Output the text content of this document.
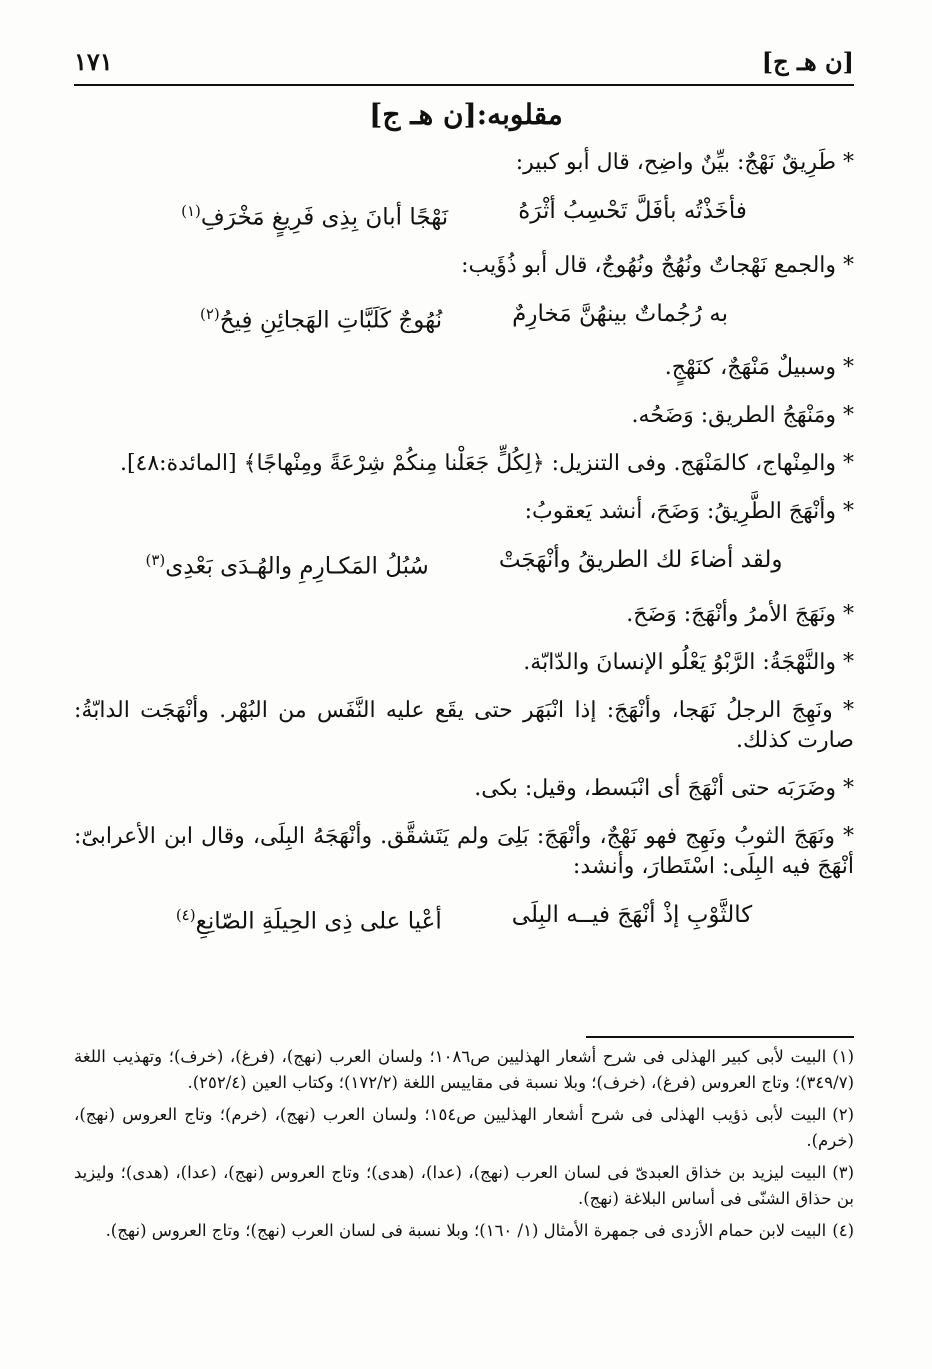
[ن هـ ج]
١٧١
مقلوبه:[ن هـ ج]

* طَرِيقٌ نَهْجٌ: بيِّنٌ واضِح، قال أبو كبير:

فأخَذْتُه بأفَلَّ تَحْسِبُ أثْرَهُ
نَهْجًا أبانَ بِذِى فَرِيغٍ مَخْرَفِ$^{(١)}$

* والجمع نَهْجاتٌ ونُهُجٌ ونُهُوجٌ، قال أبو ذُؤَيب:

به رُجُماتٌ بينهُنَّ مَخارِمٌ
نُهُوجٌ كَلَبَّاتِ الهَجائِنِ فِيحُ$^{(٢)}$

* وسبيلٌ مَنْهَجٌ، كنَهْجٍ.

* ومَنْهَجُ الطريق: وَضَحُه.

* والمِنْهاج، كالمَنْهَج. وفى التنزيل: ﴿لِكُلٍّ جَعَلْنا مِنكُمْ شِرْعَةً ومِنْهاجًا﴾ [المائدة:٤٨].

* وأنْهَجَ الطَّرِيقُ: وَضَحَ، أنشد يَعقوبُ:

ولقد أضاءَ لك الطريقُ وأنْهَجَتْ
سُبُلُ المَكـارِمِ والهُـدَى بَعْدِى$^{(٣)}$

* ونَهَجَ الأمرُ وأنْهَجَ: وَضَحَ.

* والنَّهْجَةُ: الرَّبْوُ يَعْلُو الإنسانَ والدّابّة.

* ونَهِجَ الرجلُ نَهَجا، وأنْهَجَ: إذا انْبَهَر حتى يقَع عليه النَّفَس من البُهْر. وأنْهَجَت الدابّةُ: صارت كذلك.

* وضَرَبَه حتى أنْهَجَ أى انْبَسط، وقيل: بكى.

* ونَهَجَ الثوبُ ونَهِج فهو نَهْجٌ، وأنْهَجَ: بَلِىَ ولم يَتَشقَّق. وأنْهَجَهُ البِلَى، وقال ابن الأعرابىّ: أنْهَجَ فيه البِلَى: اسْتَطارَ، وأنشد:

كالثَّوْبِ إذْ أنْهَجَ فيــه البِلَى
أعْيا على ذِى الحِيلَةِ الصّانِعِ$^{(٤)}$

(١)البيت لأبى كبير الهذلى فى شرح أشعار الهذليين ص١٠٨٦؛ ولسان العرب (نهج)، (فرغ)، (خرف)؛ وتهذيب اللغة (٣٤٩/٧)؛ وتاج العروس (فرغ)، (خرف)؛ وبلا نسبة فى مقاييس اللغة (١٧٢/٢)؛ وكتاب العين (٢٥٢/٤).

(٢)البيت لأبى ذؤيب الهذلى فى شرح أشعار الهذليين ص١٥٤؛ ولسان العرب (نهج)، (خرم)؛ وتاج العروس (نهج)، (خرم).

(٣)البيت ليزيد بن خذاق العبدىّ فى لسان العرب (نهج)، (عدا)، (هدى)؛ وتاج العروس (نهج)، (عدا)، (هدى)؛ وليزيد بن حذاق الشنّى فى أساس البلاغة (نهج).

(٤)البيت لابن حمام الأزدى فى جمهرة الأمثال (١/ ١٦٠)؛ وبلا نسبة فى لسان العرب (نهج)؛ وتاج العروس (نهج).
